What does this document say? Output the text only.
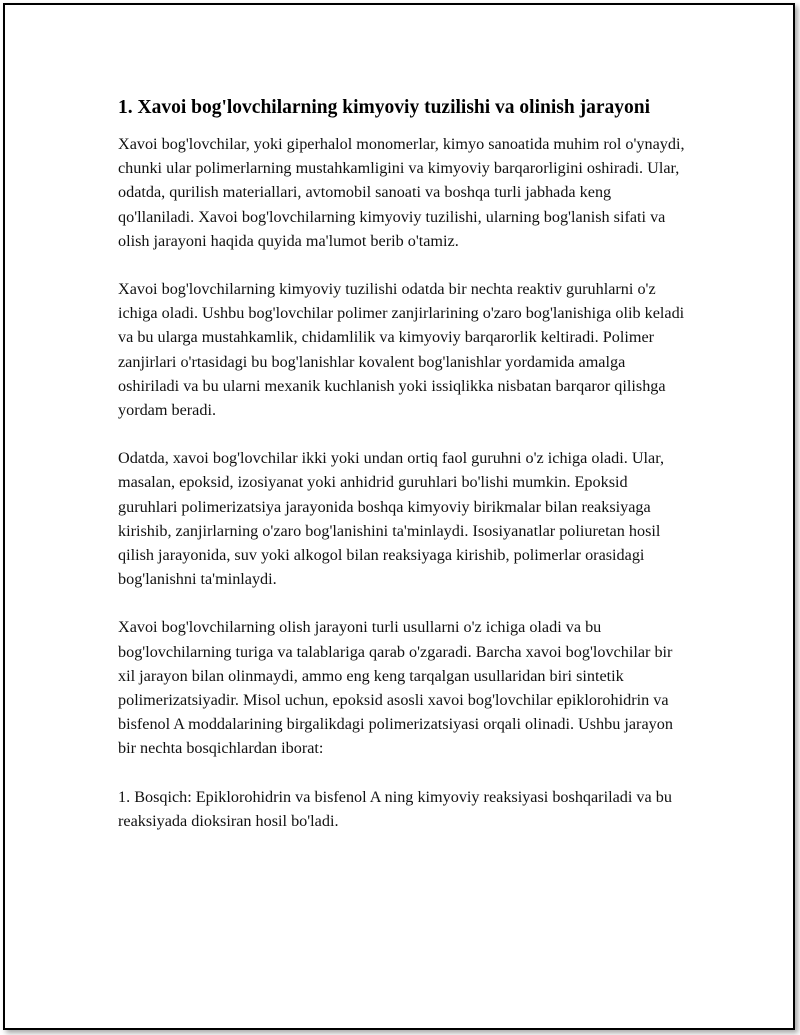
1. Xavoi bog'lovchilarning kimyoviy tuzilishi va olinish jarayoni

Xavoi bog'lovchilar, yoki giperhalol monomerlar, kimyo sanoatida muhim rol o'ynaydi, chunki ular polimerlarning mustahkamligini va kimyoviy barqarorligini oshiradi. Ular, odatda, qurilish materiallari, avtomobil sanoati va boshqa turli jabhada keng qo'llaniladi. Xavoi bog'lovchilarning kimyoviy tuzilishi, ularning bog'lanish sifati va olish jarayoni haqida quyida ma'lumot berib o'tamiz.

Xavoi bog'lovchilarning kimyoviy tuzilishi odatda bir nechta reaktiv guruhlarni o'z ichiga oladi. Ushbu bog'lovchilar polimer zanjirlarining o'zaro bog'lanishiga olib keladi va bu ularga mustahkamlik, chidamlilik va kimyoviy barqarorlik keltiradi. Polimer zanjirlari o'rtasidagi bu bog'lanishlar kovalent bog'lanishlar yordamida amalga oshiriladi va bu ularni mexanik kuchlanish yoki issiqlikka nisbatan barqaror qilishga yordam beradi.

Odatda, xavoi bog'lovchilar ikki yoki undan ortiq faol guruhni o'z ichiga oladi. Ular, masalan, epoksid, izosiyanat yoki anhidrid guruhlari bo'lishi mumkin. Epoksid guruhlari polimerizatsiya jarayonida boshqa kimyoviy birikmalar bilan reaksiyaga kirishib, zanjirlarning o'zaro bog'lanishini ta'minlaydi. Isosiyanatlar poliuretan hosil qilish jarayonida, suv yoki alkogol bilan reaksiyaga kirishib, polimerlar orasidagi bog'lanishni ta'minlaydi.

Xavoi bog'lovchilarning olish jarayoni turli usullarni o'z ichiga oladi va bu bog'lovchilarning turiga va talablariga qarab o'zgaradi. Barcha xavoi bog'lovchilar bir xil jarayon bilan olinmaydi, ammo eng keng tarqalgan usullaridan biri sintetik polimerizatsiyadir. Misol uchun, epoksid asosli xavoi bog'lovchilar epiklorohidrin va bisfenol A moddalarining birgalikdagi polimerizatsiyasi orqali olinadi. Ushbu jarayon bir nechta bosqichlardan iborat:

1. Bosqich: Epiklorohidrin va bisfenol A ning kimyoviy reaksiyasi boshqariladi va bu reaksiyada dioksiran hosil bo'ladi.
